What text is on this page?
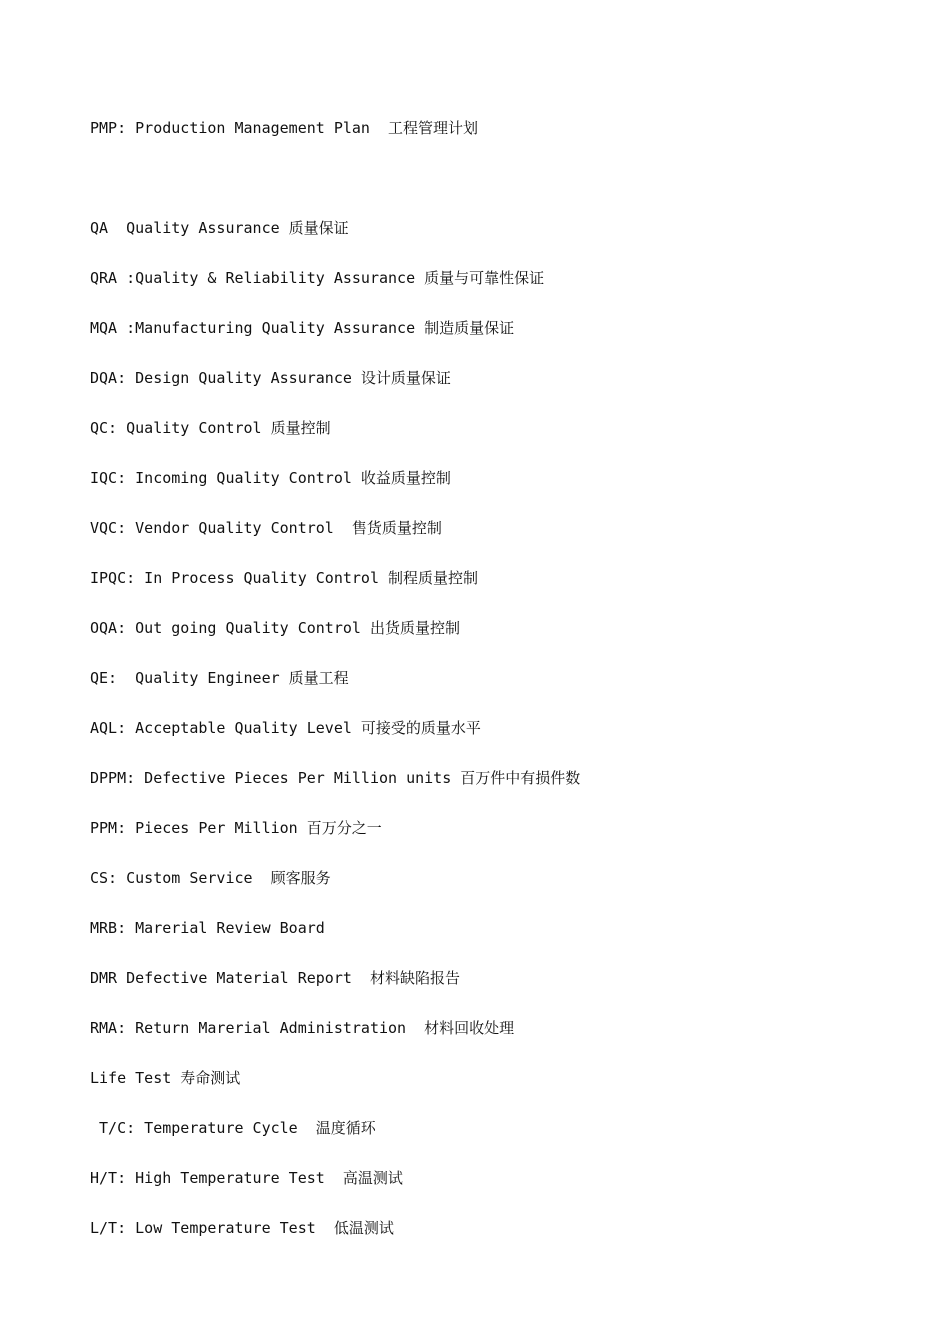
PMP: Production Management Plan  工程管理计划
QA  Quality Assurance 质量保证
QRA :Quality & Reliability Assurance 质量与可靠性保证
MQA :Manufacturing Quality Assurance 制造质量保证
DQA: Design Quality Assurance 设计质量保证
QC: Quality Control 质量控制
IQC: Incoming Quality Control 收益质量控制
VQC: Vendor Quality Control  售货质量控制
IPQC: In Process Quality Control 制程质量控制
OQA: Out going Quality Control 出货质量控制
QE:  Quality Engineer 质量工程
AQL: Acceptable Quality Level 可接受的质量水平
DPPM: Defective Pieces Per Million units 百万件中有损件数
PPM: Pieces Per Million 百万分之一
CS: Custom Service  顾客服务
MRB: Marerial Review Board
DMR Defective Material Report  材料缺陷报告
RMA: Return Marerial Administration  材料回收处理
Life Test 寿命测试
T/C: Temperature Cycle  温度循环
H/T: High Temperature Test  高温测试
L/T: Low Temperature Test  低温测试
